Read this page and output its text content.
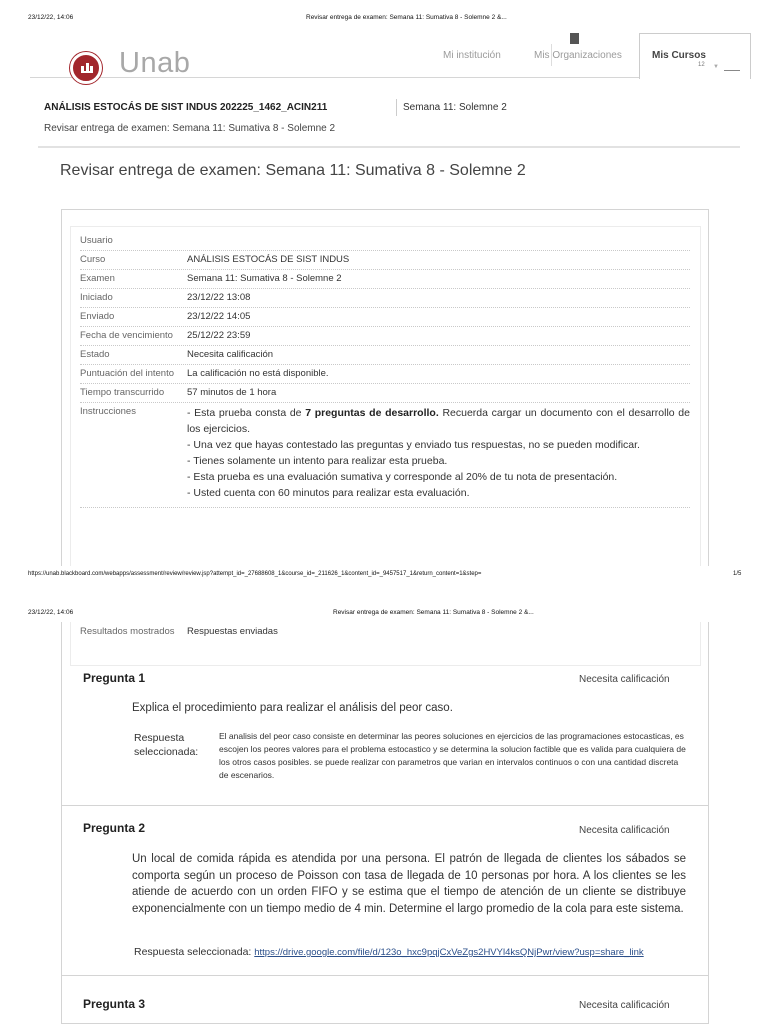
23/12/22, 14:06	Revisar entrega de examen: Semana 11: Sumativa 8 - Solemne 2 &...
Unab	Mi institución	Mis Organizaciones	Mis Cursos
12 ▼
ANÁLISIS ESTOCÁS DE SIST INDUS 202225_1462_ACIN211	Semana 11: Solemne 2
Revisar entrega de examen: Semana 11: Sumativa 8 - Solemne 2
Revisar entrega de examen: Semana 11: Sumativa 8 - Solemne 2
Usuario
Curso	ANÁLISIS ESTOCÁS DE SIST INDUS
Examen	Semana 11: Sumativa 8 - Solemne 2
Iniciado	23/12/22 13:08
Enviado	23/12/22 14:05
Fecha de vencimiento	25/12/22 23:59
Estado	Necesita calificación
Puntuación del intento	La calificación no está disponible.
Tiempo transcurrido	57 minutos de 1 hora
Instrucciones	- Esta prueba consta de 7 preguntas de desarrollo. Recuerda cargar un documento con el desarrollo de los ejercicios.

- Una vez que hayas contestado las preguntas y enviado tus respuestas, no se pueden modificar.

- Tienes solamente un intento para realizar esta prueba.

- Esta prueba es una evaluación sumativa y corresponde al 20% de tu nota de presentación.

- Usted cuenta con 60 minutos para realizar esta evaluación.

https://unab.blackboard.com/webapps/assessment/review/review.jsp?attempt_id=_27688608_1&course_id=_211626_1&content_id=_9457517_1&return_content=1&step=	1/5
23/12/22, 14:06	Revisar entrega de examen: Semana 11: Sumativa 8 - Solemne 2 &...
Resultados mostrados	Respuestas enviadas
Pregunta 1	Necesita calificación
Explica el procedimiento para realizar el análisis del peor caso.
Respuesta seleccionada:
El analisis del peor caso consiste en determinar las peores soluciones en ejercicios de las programaciones estocasticas, es escojen los peores valores para el problema estocastico y se determina la solucion factible que es valida para cualquiera de los otros casos posibles. se puede realizar con parametros que varian en intervalos continuos o con una cantidad discreta de escenarios.
Pregunta 2	Necesita calificación
Un local de comida rápida es atendida por una persona. El patrón de llegada de clientes los sábados se comporta según un proceso de Poisson con tasa de llegada de 10 personas por hora. A los clientes se les atiende de acuerdo con un orden FIFO y se estima que el tiempo de atención de un cliente se distribuye exponencialmente con un tiempo medio de 4 min. Determine el largo promedio de la cola para este sistema.
Respuesta seleccionada: https://drive.google.com/file/d/123o_hxc9pqjCxVeZgs2HVYl4ksQNjPwr/view?usp=share_link
Pregunta 3	Necesita calificación
